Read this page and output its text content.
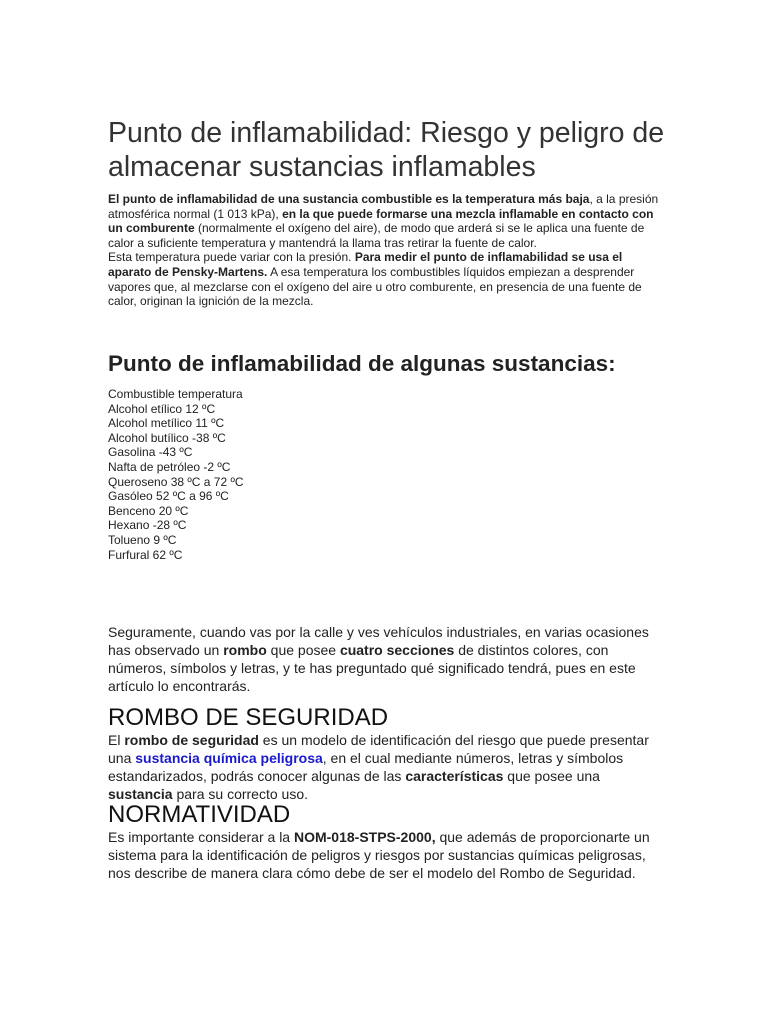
Punto de inflamabilidad: Riesgo y peligro de almacenar sustancias inflamables

El punto de inflamabilidad de una sustancia combustible es la temperatura más baja, a la presión atmosférica normal (1 013 kPa), en la que puede formarse una mezcla inflamable en contacto con un comburente (normalmente el oxígeno del aire), de modo que arderá si se le aplica una fuente de calor a suficiente temperatura y mantendrá la llama tras retirar la fuente de calor.

Esta temperatura puede variar con la presión. Para medir el punto de inflamabilidad se usa el aparato de Pensky-Martens. A esa temperatura los combustibles líquidos empiezan a desprender vapores que, al mezclarse con el oxígeno del aire u otro comburente, en presencia de una fuente de calor, originan la ignición de la mezcla.

Punto de inflamabilidad de algunas sustancias:
Combustible temperatura
Alcohol etílico 12 ºC
Alcohol metílico 11 ºC
Alcohol butílico -38 ºC
Gasolina -43 ºC
Nafta de petróleo -2 ºC
Queroseno 38 ºC a 72 ºC
Gasóleo 52 ºC a 96 ºC
Benceno 20 ºC
Hexano -28 ºC
Tolueno 9 ºC
Furfural 62 ºC

Seguramente, cuando vas por la calle y ves vehículos industriales, en varias ocasiones has observado un rombo que posee cuatro secciones de distintos colores, con números, símbolos y letras, y te has preguntado qué significado tendrá, pues en este artículo lo encontrarás.

ROMBO DE SEGURIDAD

El rombo de seguridad es un modelo de identificación del riesgo que puede presentar una sustancia química peligrosa, en el cual mediante números, letras y símbolos estandarizados, podrás conocer algunas de las características que posee una sustancia para su correcto uso.

NORMATIVIDAD

Es importante considerar a la NOM-018-STPS-2000, que además de proporcionarte un sistema para la identificación de peligros y riesgos por sustancias químicas peligrosas, nos describe de manera clara cómo debe de ser el modelo del Rombo de Seguridad.
